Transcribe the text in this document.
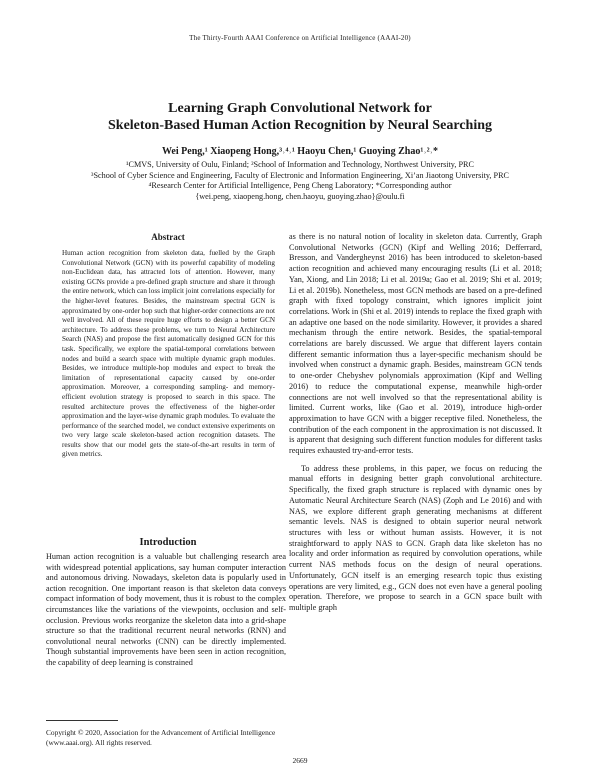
The Thirty-Fourth AAAI Conference on Artificial Intelligence (AAAI-20)
Learning Graph Convolutional Network for
Skeleton-Based Human Action Recognition by Neural Searching
Wei Peng,¹ Xiaopeng Hong,³˒⁴˒¹ Haoyu Chen,¹ Guoying Zhao¹˒²˒*
¹CMVS, University of Oulu, Finland; ²School of Information and Technology, Northwest University, PRC
³School of Cyber Science and Engineering, Faculty of Electronic and Information Engineering, Xi’an Jiaotong University, PRC
⁴Research Center for Artificial Intelligence, Peng Cheng Laboratory; *Corresponding author
{wei.peng, xiaopeng.hong, chen.haoyu, guoying.zhao}@oulu.fi
Abstract
Human action recognition from skeleton data, fuelled by the Graph Convolutional Network (GCN) with its powerful capability of modeling non-Euclidean data, has attracted lots of attention. However, many existing GCNs provide a pre-defined graph structure and share it through the entire network, which can loss implicit joint correlations especially for the higher-level features. Besides, the mainstream spectral GCN is approximated by one-order hop such that higher-order connections are not well involved. All of these require huge efforts to design a better GCN architecture. To address these problems, we turn to Neural Architecture Search (NAS) and propose the first automatically designed GCN for this task. Specifically, we explore the spatial-temporal correlations between nodes and build a search space with multiple dynamic graph modules. Besides, we introduce multiple-hop modules and expect to break the limitation of representational capacity caused by one-order approximation. Moreover, a corresponding sampling- and memory-efficient evolution strategy is proposed to search in this space. The resulted architecture proves the effectiveness of the higher-order approximation and the layer-wise dynamic graph modules. To evaluate the performance of the searched model, we conduct extensive experiments on two very large scale skeleton-based action recognition datasets. The results show that our model gets the state-of-the-art results in term of given metrics.
Introduction
Human action recognition is a valuable but challenging research area with widespread potential applications, say human computer interaction and autonomous driving. Nowadays, skeleton data is popularly used in action recognition. One important reason is that skeleton data conveys compact information of body movement, thus it is robust to the complex circumstances like the variations of the viewpoints, occlusion and self-occlusion. Previous works reorganize the skeleton data into a grid-shape structure so that the traditional recurrent neural networks (RNN) and convolutional neural networks (CNN) can be directly implemented. Though substantial improvements have been seen in action recognition, the capability of deep learning is constrained
Copyright © 2020, Association for the Advancement of Artificial Intelligence (www.aaai.org). All rights reserved.

as there is no natural notion of locality in skeleton data. Currently, Graph Convolutional Networks (GCN) (Kipf and Welling 2016; Defferrard, Bresson, and Vandergheynst 2016) has been introduced to skeleton-based action recognition and achieved many encouraging results (Li et al. 2018; Yan, Xiong, and Lin 2018; Li et al. 2019a; Gao et al. 2019; Shi et al. 2019; Li et al. 2019b). Nonetheless, most GCN methods are based on a pre-defined graph with fixed topology constraint, which ignores implicit joint correlations. Work in (Shi et al. 2019) intends to replace the fixed graph with an adaptive one based on the node similarity. However, it provides a shared mechanism through the entire network. Besides, the spatial-temporal correlations are barely discussed. We argue that different layers contain different semantic information thus a layer-specific mechanism should be involved when construct a dynamic graph. Besides, mainstream GCN tends to one-order Chebyshev polynomials approximation (Kipf and Welling 2016) to reduce the computational expense, meanwhile high-order connections are not well involved so that the representational ability is limited. Current works, like (Gao et al. 2019), introduce high-order approximation to have GCN with a bigger receptive filed. Nonetheless, the contribution of the each component in the approximation is not discussed. It is apparent that designing such different function modules for different tasks requires exhausted try-and-error tests.

To address these problems, in this paper, we focus on reducing the manual efforts in designing better graph convolutional architecture. Specifically, the fixed graph structure is replaced with dynamic ones by Automatic Neural Architecture Search (NAS) (Zoph and Le 2016) and with NAS, we explore different graph generating mechanisms at different semantic levels. NAS is designed to obtain superior neural network structures with less or without human assists. However, it is not straightforward to apply NAS to GCN. Graph data like skeleton has no locality and order information as required by convolution operations, while current NAS methods focus on the design of neural operations. Unfortunately, GCN itself is an emerging research topic thus existing operations are very limited, e.g., GCN does not even have a general pooling operation. Therefore, we propose to search in a GCN space built with multiple graph

2669
